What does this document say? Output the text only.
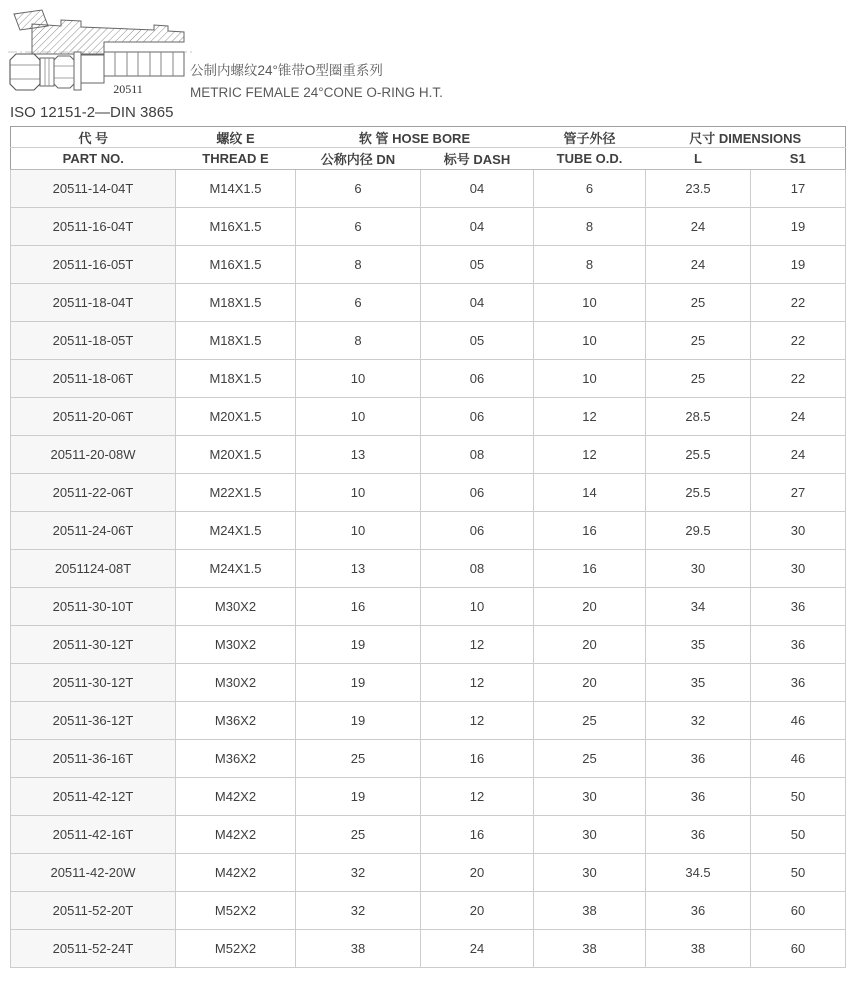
20511
公制内螺纹24°锥带O型圈重系列
METRIC FEMALE 24°CONE O-RING H.T.
ISO 12151-2—DIN 3865
代 号	螺纹 E	软 管 HOSE BORE		管子外径	尺寸 DIMENSIONS	
PART NO.	THREAD E	公称内径 DN	标号 DASH	TUBE O.D.	L	S1
20511-14-04T	M14X1.5	6	04	6	23.5	17
20511-16-04T	M16X1.5	6	04	8	24	19
20511-16-05T	M16X1.5	8	05	8	24	19
20511-18-04T	M18X1.5	6	04	10	25	22
20511-18-05T	M18X1.5	8	05	10	25	22
20511-18-06T	M18X1.5	10	06	10	25	22
20511-20-06T	M20X1.5	10	06	12	28.5	24
20511-20-08W	M20X1.5	13	08	12	25.5	24
20511-22-06T	M22X1.5	10	06	14	25.5	27
20511-24-06T	M24X1.5	10	06	16	29.5	30
2051124-08T	M24X1.5	13	08	16	30	30
20511-30-10T	M30X2	16	10	20	34	36
20511-30-12T	M30X2	19	12	20	35	36
20511-30-12T	M30X2	19	12	20	35	36
20511-36-12T	M36X2	19	12	25	32	46
20511-36-16T	M36X2	25	16	25	36	46
20511-42-12T	M42X2	19	12	30	36	50
20511-42-16T	M42X2	25	16	30	36	50
20511-42-20W	M42X2	32	20	30	34.5	50
20511-52-20T	M52X2	32	20	38	36	60
20511-52-24T	M52X2	38	24	38	38	60
